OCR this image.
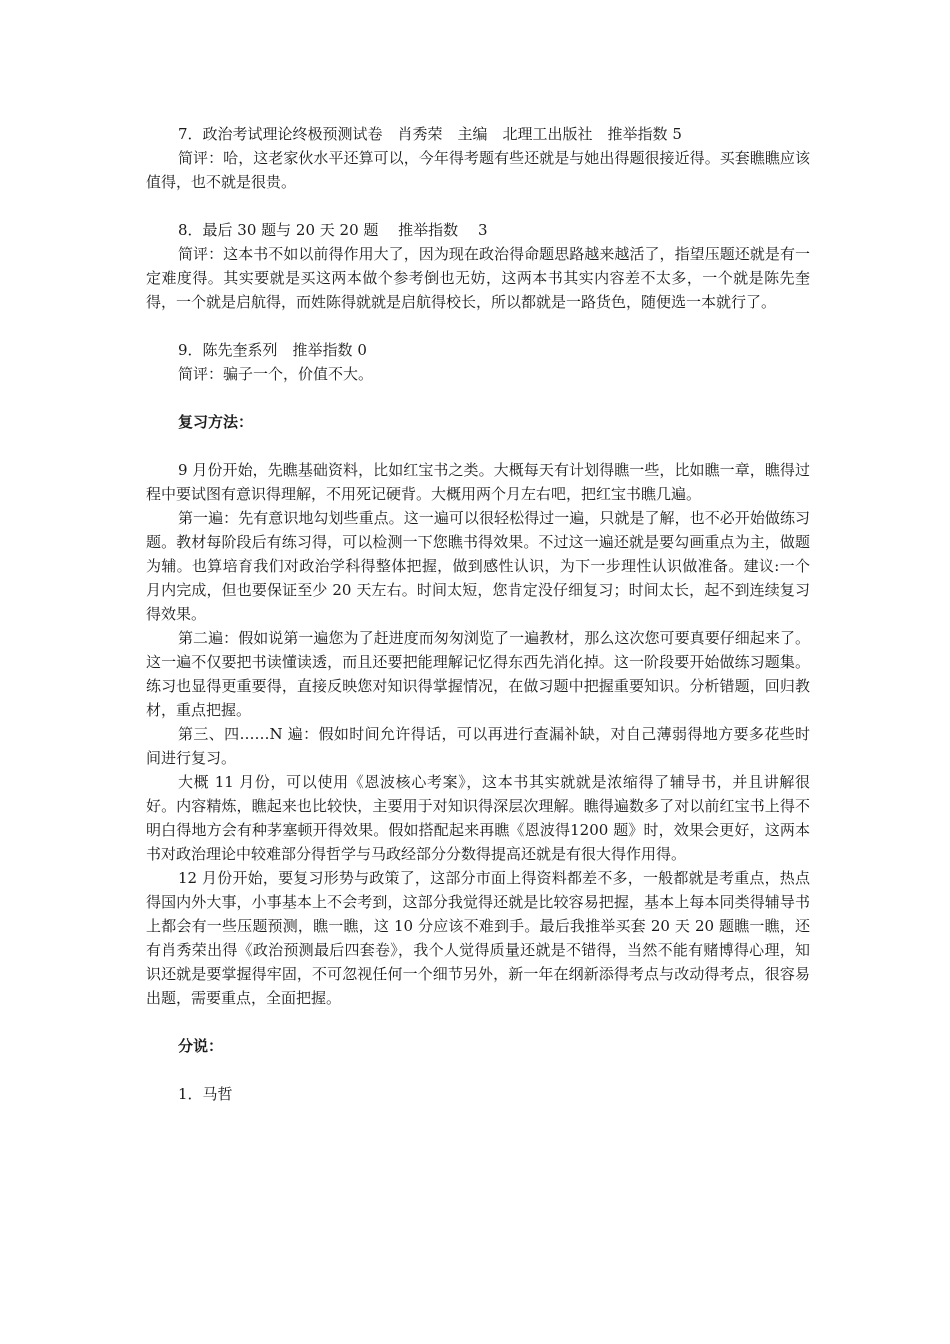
7．政治考试理论终极预测试卷　肖秀荣　主编　北理工出版社　推举指数 5

简评：哈，这老家伙水平还算可以，今年得考题有些还就是与她出得题很接近得。买套瞧瞧应该值得，也不就是很贵。

8．最后 30 题与 20 天 20 题　 推举指数　 3

简评：这本书不如以前得作用大了，因为现在政治得命题思路越来越活了，指望压题还就是有一定难度得。其实要就是买这两本做个参考倒也无妨，这两本书其实内容差不太多，一个就是陈先奎得，一个就是启航得，而姓陈得就就是启航得校长，所以都就是一路货色，随便选一本就行了。

9．陈先奎系列　推举指数 0

简评：骗子一个，价值不大。

复习方法：

9 月份开始，先瞧基础资料，比如红宝书之类。大概每天有计划得瞧一些，比如瞧一章，瞧得过程中要试图有意识得理解，不用死记硬背。大概用两个月左右吧，把红宝书瞧几遍。

第一遍：先有意识地勾划些重点。这一遍可以很轻松得过一遍，只就是了解，也不必开始做练习题。教材每阶段后有练习得，可以检测一下您瞧书得效果。不过这一遍还就是要勾画重点为主，做题为辅。也算培育我们对政治学科得整体把握，做到感性认识，为下一步理性认识做准备。建议:一个月内完成，但也要保证至少 20 天左右。时间太短，您肯定没仔细复习；时间太长，起不到连续复习得效果。

第二遍：假如说第一遍您为了赶进度而匆匆浏览了一遍教材，那么这次您可要真要仔细起来了。这一遍不仅要把书读懂读透，而且还要把能理解记忆得东西先消化掉。这一阶段要开始做练习题集。练习也显得更重要得，直接反映您对知识得掌握情况，在做习题中把握重要知识。分析错题，回归教材，重点把握。

第三、四……N 遍：假如时间允许得话，可以再进行查漏补缺，对自己薄弱得地方要多花些时间进行复习。

大概 11 月份，可以使用《恩波核心考案》，这本书其实就就是浓缩得了辅导书，并且讲解很好。内容精炼，瞧起来也比较快，主要用于对知识得深层次理解。瞧得遍数多了对以前红宝书上得不明白得地方会有种茅塞顿开得效果。假如搭配起来再瞧《恩波得1200 题》时，效果会更好，这两本书对政治理论中较难部分得哲学与马政经部分分数得提高还就是有很大得作用得。

12 月份开始，要复习形势与政策了，这部分市面上得资料都差不多，一般都就是考重点，热点得国内外大事，小事基本上不会考到，这部分我觉得还就是比较容易把握，基本上每本同类得辅导书上都会有一些压题预测，瞧一瞧，这 10 分应该不难到手。最后我推举买套 20 天 20 题瞧一瞧，还有肖秀荣出得《政治预测最后四套卷》，我个人觉得质量还就是不错得，当然不能有赌博得心理，知识还就是要掌握得牢固，不可忽视任何一个细节另外，新一年在纲新添得考点与改动得考点，很容易出题，需要重点，全面把握。

分说：

1．马哲
